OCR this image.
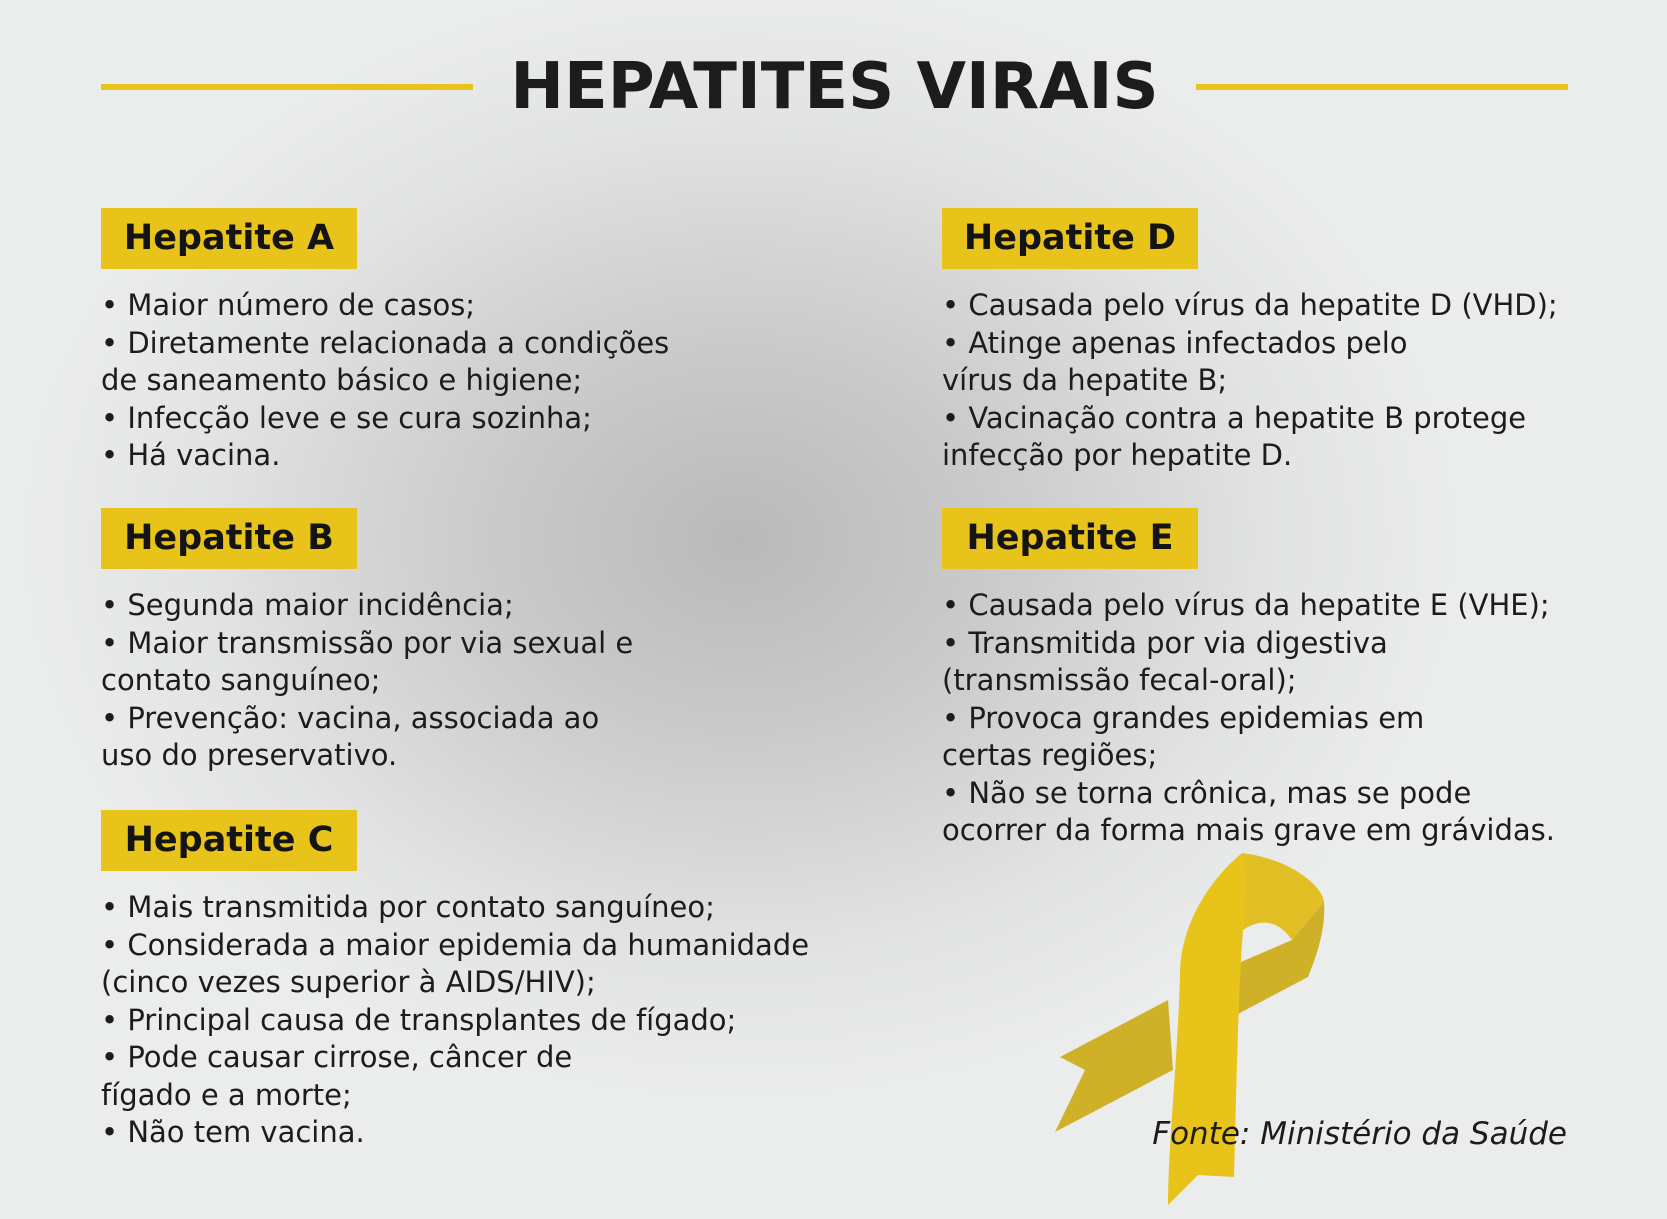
HEPATITES VIRAIS
Hepatite A
• Maior número de casos;
• Diretamente relacionada a condições
de saneamento básico e higiene;
• Infecção leve e se cura sozinha;
• Há vacina.
Hepatite B
• Segunda maior incidência;
• Maior transmissão por via sexual e
contato sanguíneo;
• Prevenção: vacina, associada ao
uso do preservativo.
Hepatite C
• Mais transmitida por contato sanguíneo;
• Considerada a maior epidemia da humanidade
(cinco vezes superior à AIDS/HIV);
• Principal causa de transplantes de fígado;
• Pode causar cirrose, câncer de
fígado e a morte;
• Não tem vacina.
Hepatite D
• Causada pelo vírus da hepatite D (VHD);
• Atinge apenas infectados pelo
vírus da hepatite B;
• Vacinação contra a hepatite B protege
infecção por hepatite D.
Hepatite E
• Causada pelo vírus da hepatite E (VHE);
• Transmitida por via digestiva
(transmissão fecal-oral);
• Provoca grandes epidemias em
certas regiões;
• Não se torna crônica, mas se pode
ocorrer da forma mais grave em grávidas.
Fonte: Ministério da Saúde
